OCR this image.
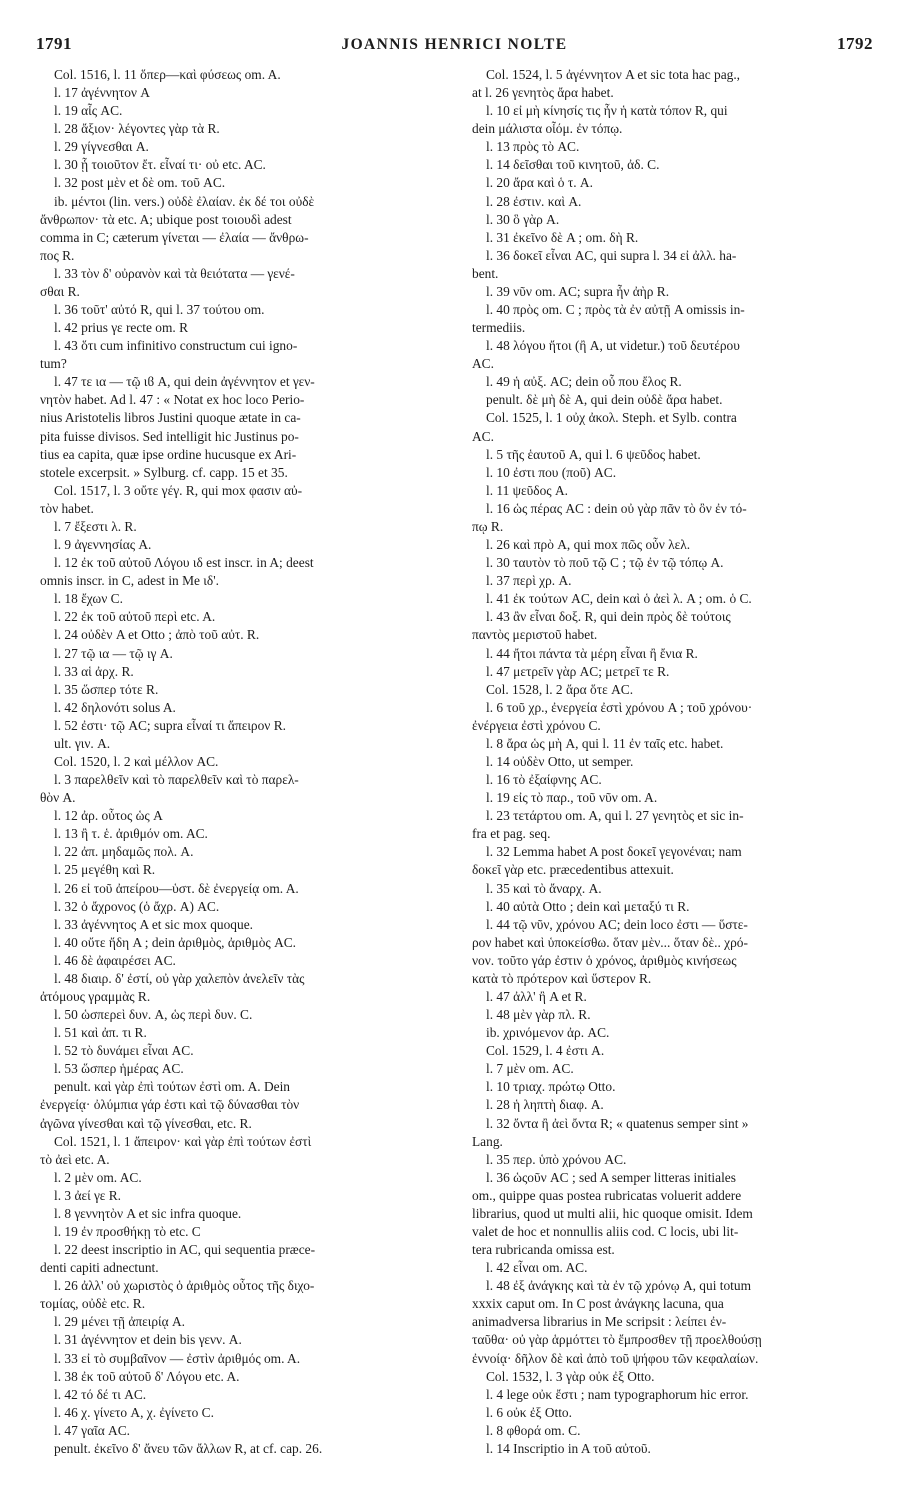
1791	JOANNIS HENRICI NOLTE	1792
Col. 1516, l. 11 ὅπερ—καὶ φύσεως om. A.
l. 17 ἀγέννητον A
l. 19 αἷς AC.
l. 28 ἄξιον· λέγοντες γὰρ τὰ R.
l. 29 γίγνεσθαι A.
l. 30 ᾗ τοιοῦτον ἔτ. εἶναί τι· οὐ etc. AC.
l. 32 post μὲν et δὲ om. τοῦ AC.
ib. μέντοι (lin. vers.) οὐδὲ ἐλαίαν. ἐκ δέ τοι οὐδὲ
ἄνθρωπον· τὰ etc. A; ubique post τοιουδὶ adest
comma in C; cæterum γίνεται — ἐλαία — ἄνθρω-
πος R.
l. 33 τὸν δ' οὐρανὸν καὶ τὰ θειότατα — γενέ-
σθαι R.
l. 36 τοῦτ' αὐτό R, qui l. 37 τούτου om.
l. 42 prius γε recte om. R
l. 43 ὅτι cum infinitivo constructum cui igno-
tum?
l. 47 τε ια — τῷ ιϐ A, qui dein ἀγέννητον et γεν-
νητὸν habet. Ad l. 47 : « Notat ex hoc loco Perio-
nius Aristotelis libros Justini quoque ætate in ca-
pita fuisse divisos. Sed intelligit hic Justinus po-
tius ea capita, quæ ipse ordine hucusque ex Ari-
stotele excerpsit. » Sylburg. cf. capp. 15 et 35.
Col. 1517, l. 3 οὔτε γέγ. R, qui mox φασιν αὐ-
τὸν habet.
l. 7 ἔξεστι λ. R.
l. 9 ἀγεννησίας A.
l. 12 ἐκ τοῦ αὐτοῦ Λόγου ιδ est inscr. in A; deest
omnis inscr. in C, adest in Me ιδ'.
l. 18 ἔχων C.
l. 22 ἐκ τοῦ αὐτοῦ περὶ etc. A.
l. 24 οὐδὲν A et Otto ; ἀπὸ τοῦ αὐτ. R.
l. 27 τῷ ια — τῷ ιγ A.
l. 33 αἱ ἀρχ. R.
l. 35 ὥσπερ τότε R.
l. 42 δηλονότι solus A.
l. 52 ἐστι· τῷ AC; supra εἶναί τι ἄπειρον R.
ult. γιν. A.
Col. 1520, l. 2 καὶ μέλλον AC.
l. 3 παρελθεῖν καὶ τὸ παρελθεῖν καὶ τὸ παρελ-
θὸν A.
l. 12 ἀρ. οὗτος ὡς A
l. 13 ἢ τ. ἑ. ἀριθμόν om. AC.
l. 22 ἀπ. μηδαμῶς πολ. A.
l. 25 μεγέθη καὶ R.
l. 26 εἰ τοῦ ἀπείρου—ὑστ. δὲ ἐνεργείᾳ om. A.
l. 32 ὁ ἄχρονος (ὁ ἄχρ. A) AC.
l. 33 ἀγέννητος A et sic mox quoque.
l. 40 οὔτε ἤδη A ; dein ἀριθμὸς, ἀριθμὸς AC.
l. 46 δὲ ἀφαιρέσει AC.
l. 48 διαιρ. δ' ἐστί, οὐ γὰρ χαλεπὸν ἀνελεῖν τὰς
ἀτόμους γραμμὰς R.
l. 50 ὡσπερεὶ δυν. A, ὡς περὶ δυν. C.
l. 51 καὶ ἀπ. τι R.
l. 52 τὸ δυνάμει εἶναι AC.
l. 53 ὥσπερ ἡμέρας AC.
penult. καὶ γὰρ ἐπὶ τούτων ἐστὶ om. A. Dein
ἐνεργείᾳ· ὀλύμπια γάρ ἐστι καὶ τῷ δύνασθαι τὸν
ἀγῶνα γίνεσθαι καὶ τῷ γίνεσθαι, etc. R.
Col. 1521, l. 1 ἄπειρον· καὶ γὰρ ἐπὶ τούτων ἐστὶ
τὸ ἀεὶ etc. A.
l. 2 μὲν om. AC.
l. 3 ἀεί γε R.
l. 8 γεννητὸν A et sic infra quoque.
l. 19 ἐν προσθήκῃ τὸ etc. C
l. 22 deest inscriptio in AC, qui sequentia præce-
denti capiti adnectunt.
l. 26 ἀλλ' οὐ χωριστὸς ὁ ἀριθμὸς οὗτος τῆς διχο-
τομίας, οὐδὲ etc. R.
l. 29 μένει τῇ ἀπειρίᾳ A.
l. 31 ἀγέννητον et dein bis γενν. A.
l. 33 εἰ τὸ συμβαῖνον — ἐστὶν ἀριθμός om. A.
l. 38 ἐκ τοῦ αὐτοῦ δ' Λόγου etc. A.
l. 42 τό δέ τι AC.
l. 46 χ. γίνετο A, χ. ἐγίνετο C.
l. 47 γαῖα AC.
penult. ἐκεῖνο δ' ἄνευ τῶν ἄλλων R, at cf. cap. 26.
Col. 1524, l. 5 ἀγέννητον A et sic tota hac pag.,
at l. 26 γενητὸς ἄρα habet.
l. 10 εἰ μὴ κίνησίς τις ἦν ἡ κατὰ τόπον R, qui
dein μάλιστα οἷόμ. ἐν τόπῳ.
l. 13 πρὸς τὸ AC.
l. 14 δεῖσθαι τοῦ κινητοῦ, ἀδ. C.
l. 20 ἄρα καὶ ὁ τ. A.
l. 28 ἐστιν. καὶ A.
l. 30 ὃ γὰρ A.
l. 31 ἐκεῖνο δὲ A ; om. δὴ R.
l. 36 δοκεῖ εἶναι AC, qui supra l. 34 εἰ ἀλλ. ha-
bent.
l. 39 νῦν om. AC; supra ἦν ἀὴρ R.
l. 40 πρὸς om. C ; πρὸς τὰ ἐν αὐτῇ A omissis in-
termediis.
l. 48 λόγου ἤτοι (ἢ A, ut videtur.) τοῦ δευτέρου
AC.
l. 49 ἡ αὐξ. AC; dein οὗ που ἔλος R.
penult. δὲ μὴ δὲ A, qui dein οὐδὲ ἄρα habet.
Col. 1525, l. 1 οὐχ ἀκολ. Steph. et Sylb. contra
AC.
l. 5 τῆς ἑαυτοῦ A, qui l. 6 ψεῦδος habet.
l. 10 ἐστι που (ποῦ) AC.
l. 11 ψεῦδος A.
l. 16 ὡς πέρας AC : dein οὐ γὰρ πᾶν τὸ ὂν ἐν τό-
πῳ R.
l. 26 καὶ πρὸ A, qui mox πῶς οὖν λελ.
l. 30 ταυτὸν τὸ ποῦ τῷ C ; τῷ ἐν τῷ τόπῳ A.
l. 37 περὶ χρ. A.
l. 41 ἐκ τούτων AC, dein καὶ ὁ ἀεὶ λ. A ; om. ὁ C.
l. 43 ἂν εἶναι δοξ. R, qui dein πρὸς δὲ τούτοις
παντὸς μεριστοῦ habet.
l. 44 ἤτοι πάντα τὰ μέρη εἶναι ἢ ἔνια R.
l. 47 μετρεῖν γὰρ AC; μετρεῖ τε R.
Col. 1528, l. 2 ἄρα ὅτε AC.
l. 6 τοῦ χρ., ἐνεργεία ἐστὶ χρόνου A ; τοῦ χρόνου·
ἐνέργεια ἐστὶ χρόνου C.
l. 8 ἄρα ὡς μὴ A, qui l. 11 ἐν ταῖς etc. habet.
l. 14 οὐδὲν Otto, ut semper.
l. 16 τὸ ἐξαίφνης AC.
l. 19 εἰς τὸ παρ., τοῦ νῦν om. A.
l. 23 τετάρτου om. A, qui l. 27 γενητὸς et sic in-
fra et pag. seq.
l. 32 Lemma habet A post δοκεῖ γεγονέναι; nam
δοκεῖ γὰρ etc. præcedentibus attexuit.
l. 35 καὶ τὸ ἄναρχ. A.
l. 40 αὐτὰ Otto ; dein καὶ μεταξύ τι R.
l. 44 τῷ νῦν, χρόνου AC; dein loco ἐστι — ὕστε-
ρον habet καὶ ὑποκείσθω. ὅταν μὲν... ὅταν δὲ.. χρό-
νον. τοῦτο γάρ ἐστιν ὁ χρόνος, ἀριθμὸς κινήσεως
κατὰ τὸ πρότερον καὶ ὕστερον R.
l. 47 ἀλλ' ἢ A et R.
l. 48 μὲν γὰρ πλ. R.
ib. χρινόμενον ἀρ. AC.
Col. 1529, l. 4 ἐστι A.
l. 7 μὲν om. AC.
l. 10 τριαχ. πρώτῳ Otto.
l. 28 ἡ ληπτὴ διαφ. A.
l. 32 ὄντα ἢ ἀεὶ ὄντα R; « quatenus semper sint »
Lang.
l. 35 περ. ὑπὸ χρόνου AC.
l. 36 ὡςοῦν AC ; sed A semper litteras initiales
om., quippe quas postea rubricatas voluerit addere
librarius, quod ut multi alii, hic quoque omisit. Idem
valet de hoc et nonnullis aliis cod. C locis, ubi lit-
tera rubricanda omissa est.
l. 42 εἶναι om. AC.
l. 48 ἐξ ἀνάγκης καὶ τὰ ἐν τῷ χρόνῳ A, qui totum
xxxix caput om. In C post ἀνάγκης lacuna, qua
animadversa librarius in Me scripsit : λείπει ἐν-
ταῦθα· οὐ γὰρ ἁρμόττει τὸ ἔμπροσθεν τῇ προελθούσῃ
ἐννοίᾳ· δῆλον δὲ καὶ ἀπὸ τοῦ ψήφου τῶν κεφαλαίων.
Col. 1532, l. 3 γὰρ οὐκ ἐξ Otto.
l. 4 lege οὐκ ἔστι ; nam typographorum hic error.
l. 6 οὐκ ἐξ Otto.
l. 8 φθορά om. C.
l. 14 Inscriptio in A τοῦ αὐτοῦ.
